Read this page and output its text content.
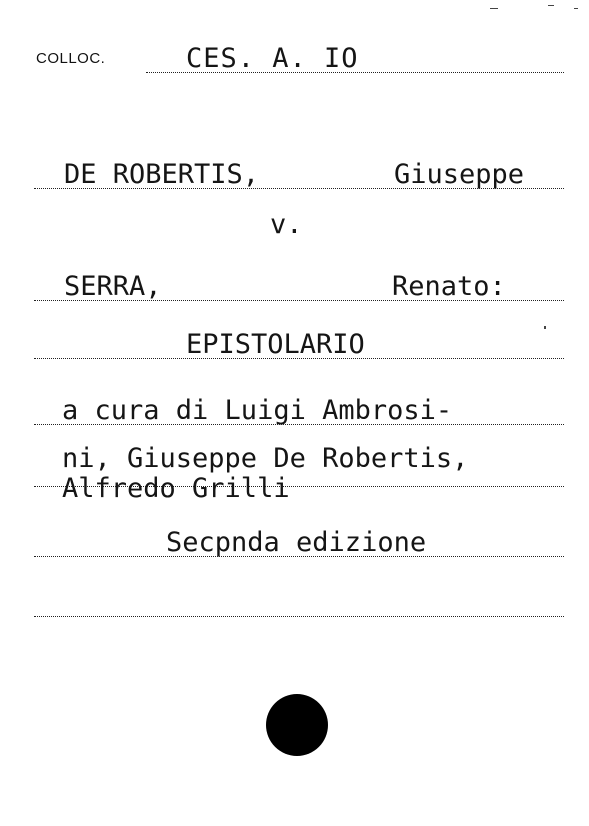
COLLOC.	CES. A. IO
DE ROBERTIS,	Giuseppe
v.
SERRA,	Renato:
EPISTOLARIO
a cura di Luigi Ambrosi-
ni, Giuseppe De Robertis,
Alfredo Grilli
Secpnda edizione
